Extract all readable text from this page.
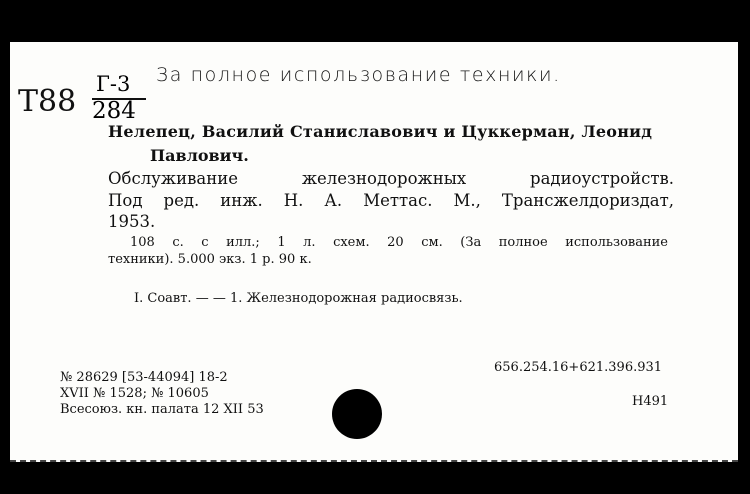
Т88 Г-3
284
За полное использование техники.
Нелепец, Василий Станиславович и Цуккерман, Леонид
Павлович.
Обслуживание железнодорожных радиоустройств.
Под ред. инж. Н. А. Меттас. М., Трансжелдориздат,
1953.
108 с. с илл.; 1 л. схем. 20 см. (За полное использование
техники). 5.000 экз. 1 р. 90 к.
I. Соавт. — — 1. Железнодорожная радиосвязь.
№ 28629 [53-44094] 18-2
XVII № 1528; № 10605
Всесоюз. кн. палата 12 XII 53
656.254.16+621.396.931
Н491
